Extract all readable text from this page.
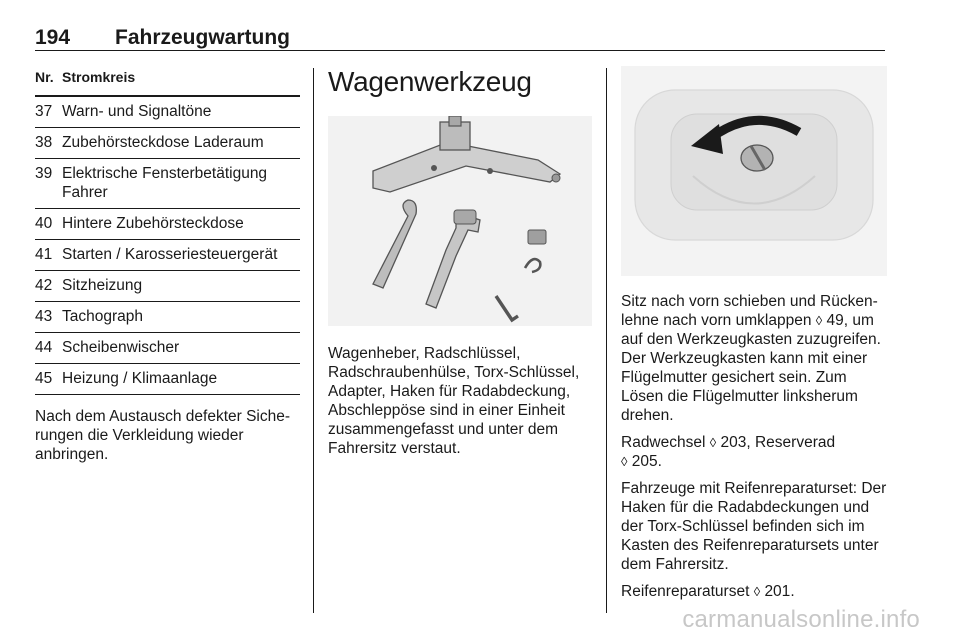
194 Fahrzeugwartung
Nr. Stromkreis
37 Warn- und Signaltöne
38 Zubehörsteckdose Laderaum
39 Elektrische Fensterbetätigung Fahrer
40 Hintere Zubehörsteckdose
41 Starten / Karosseriesteuergerät
42 Sitzheizung
43 Tachograph
44 Scheibenwischer
45 Heizung / Klimaanlage
Nach dem Austausch defekter Sicherungen die Verkleidung wieder anbringen.
Wagenwerkzeug

Wagenheber, Radschlüssel, Radschraubenhülse, Torx-Schlüssel, Adapter, Haken für Radabdeckung, Abschleppöse sind in einer Einheit zusammengefasst und unter dem Fahrersitz verstaut.

Sitz nach vorn schieben und Rückenlehne nach vorn umklappen ◊ 49, um auf den Werkzeugkasten zuzugreifen. Der Werkzeugkasten kann mit einer Flügelmutter gesichert sein. Zum Lösen die Flügelmutter linksherum drehen.
Radwechsel ◊ 203, Reserverad
◊ 205.
Fahrzeuge mit Reifenreparaturset: Der Haken für die Radabdeckungen und der Torx-Schlüssel befinden sich im Kasten des Reifenreparatursets unter dem Fahrersitz.
Reifenreparaturset ◊ 201.
carmanualsonline.info
